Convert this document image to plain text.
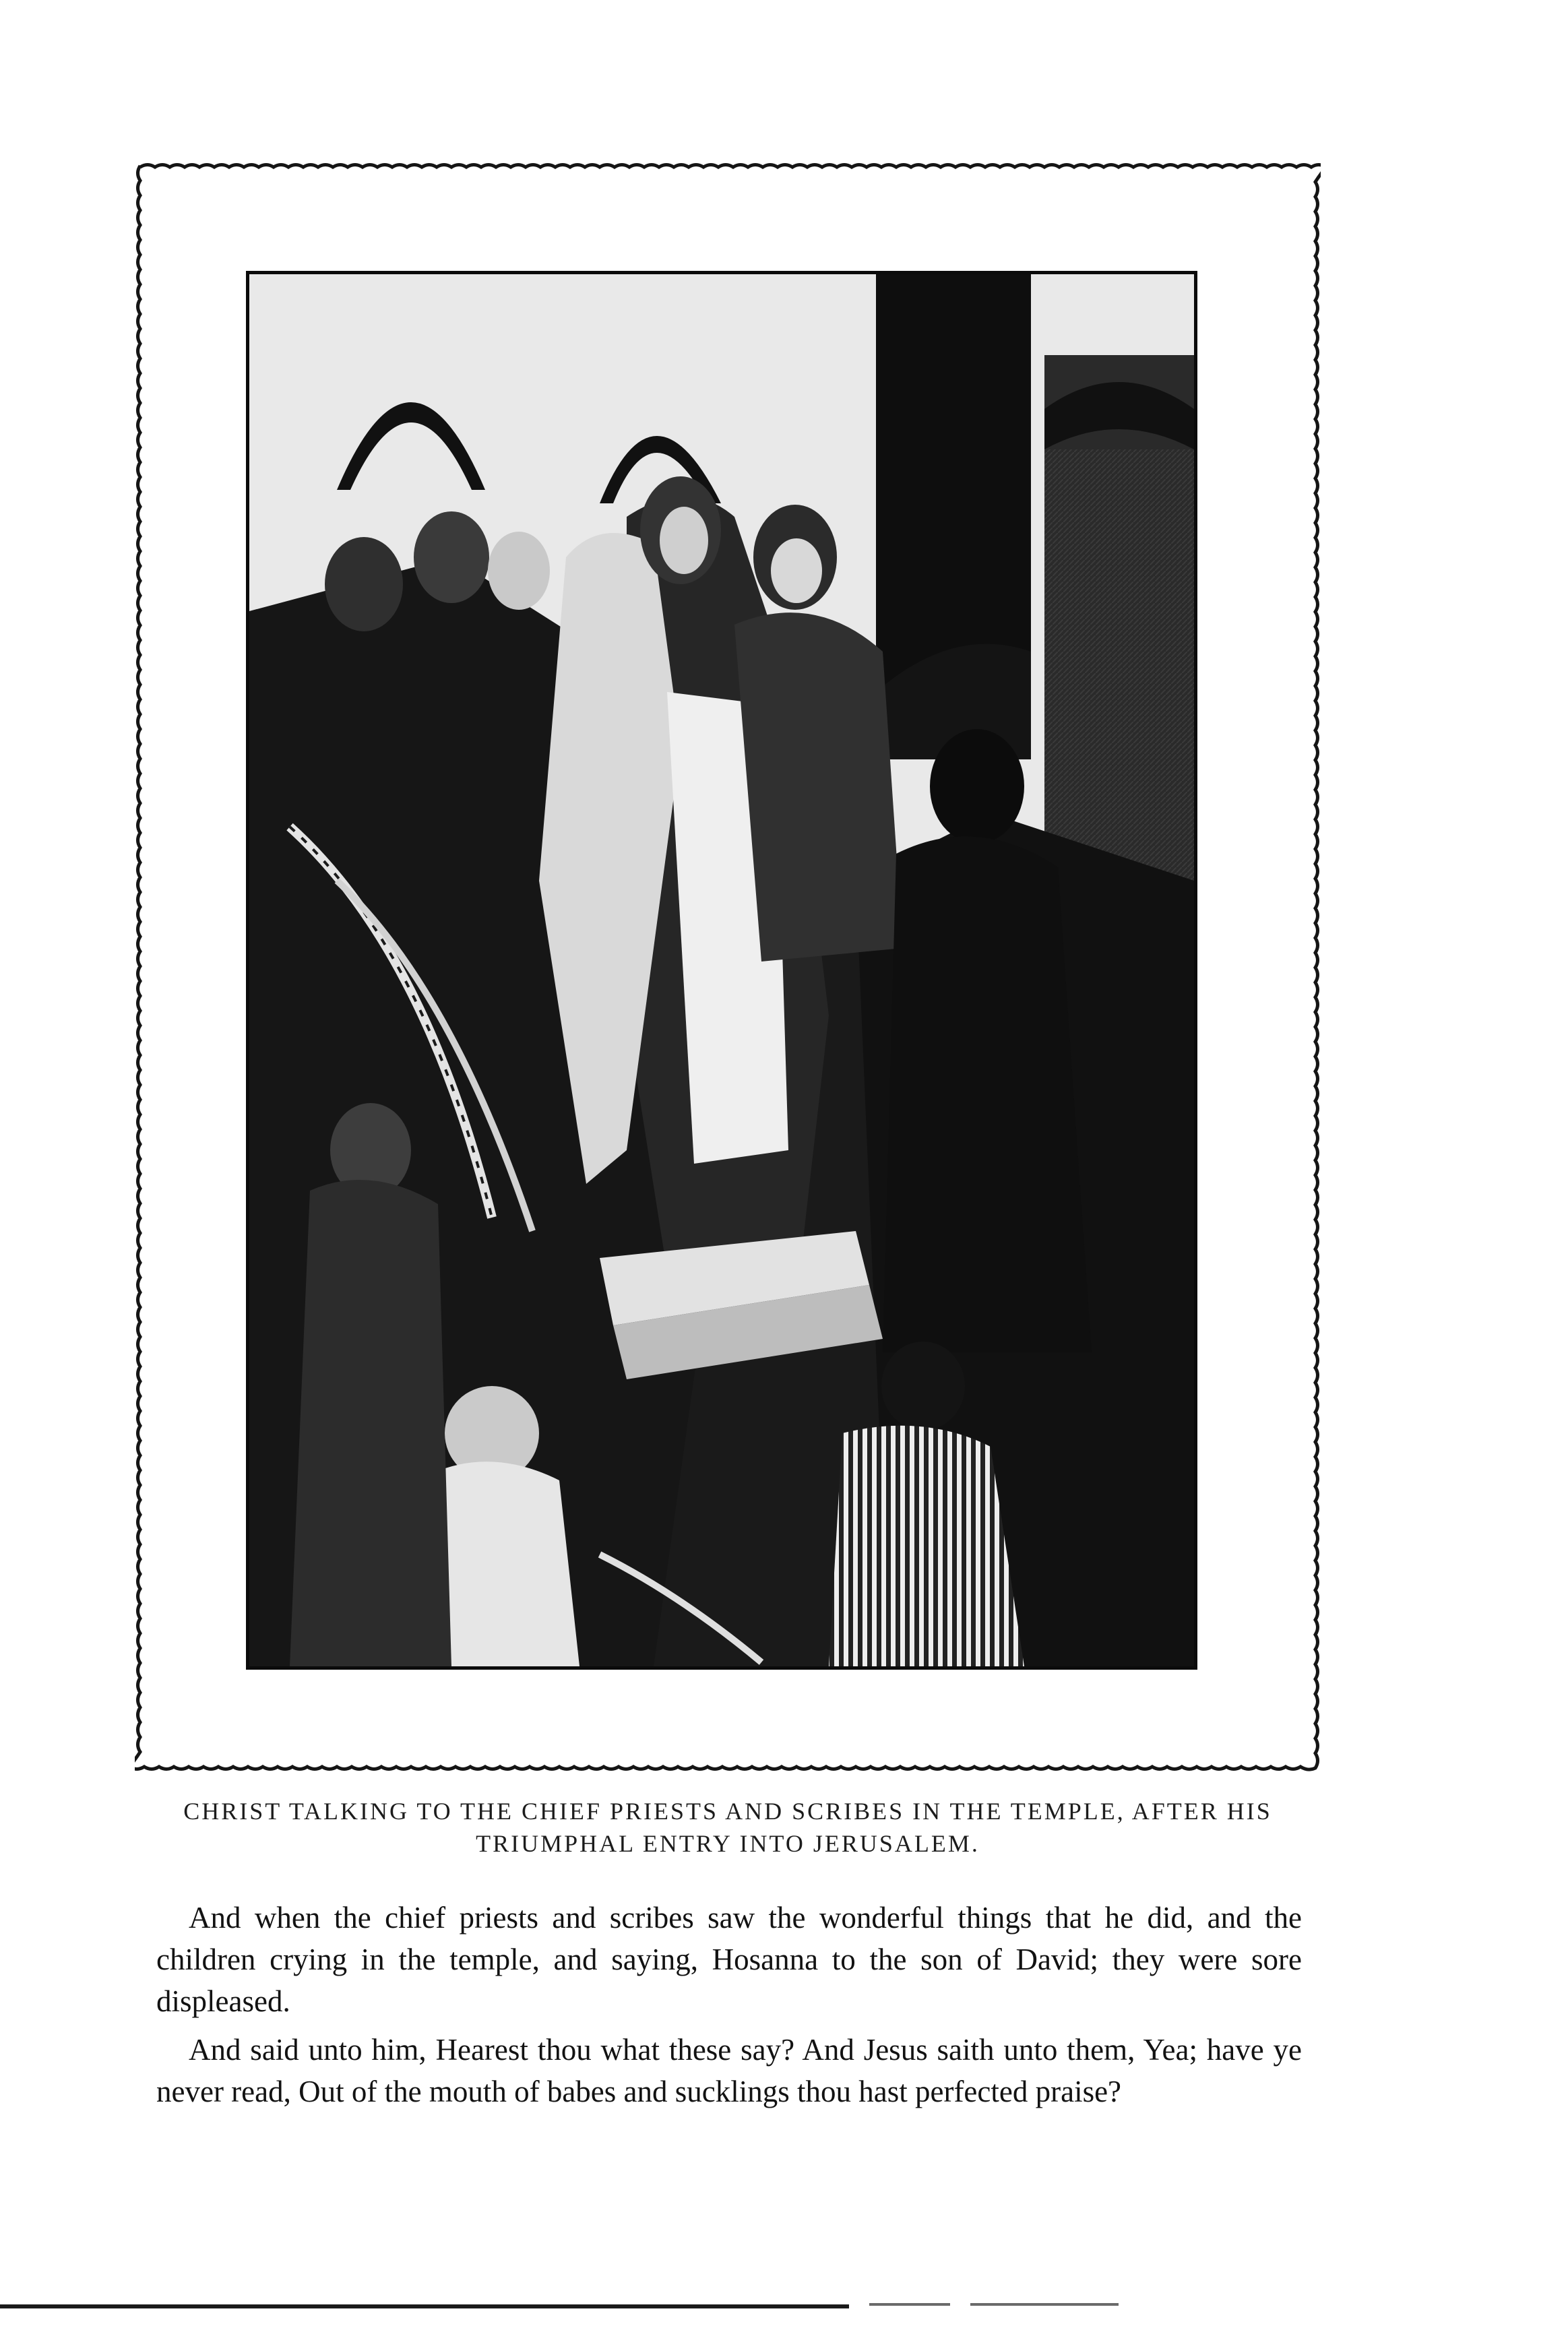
CHRIST TALKING TO THE CHIEF PRIESTS AND SCRIBES IN THE TEMPLE, AFTER HIS
TRIUMPHAL ENTRY INTO JERUSALEM.

And when the chief priests and scribes saw the wonderful things that he did, and the children crying in the temple, and saying, Hosanna to the son of David; they were sore displeased.

And said unto him, Hearest thou what these say? And Jesus saith unto them, Yea; have ye never read, Out of the mouth of babes and sucklings thou hast perfected praise?
